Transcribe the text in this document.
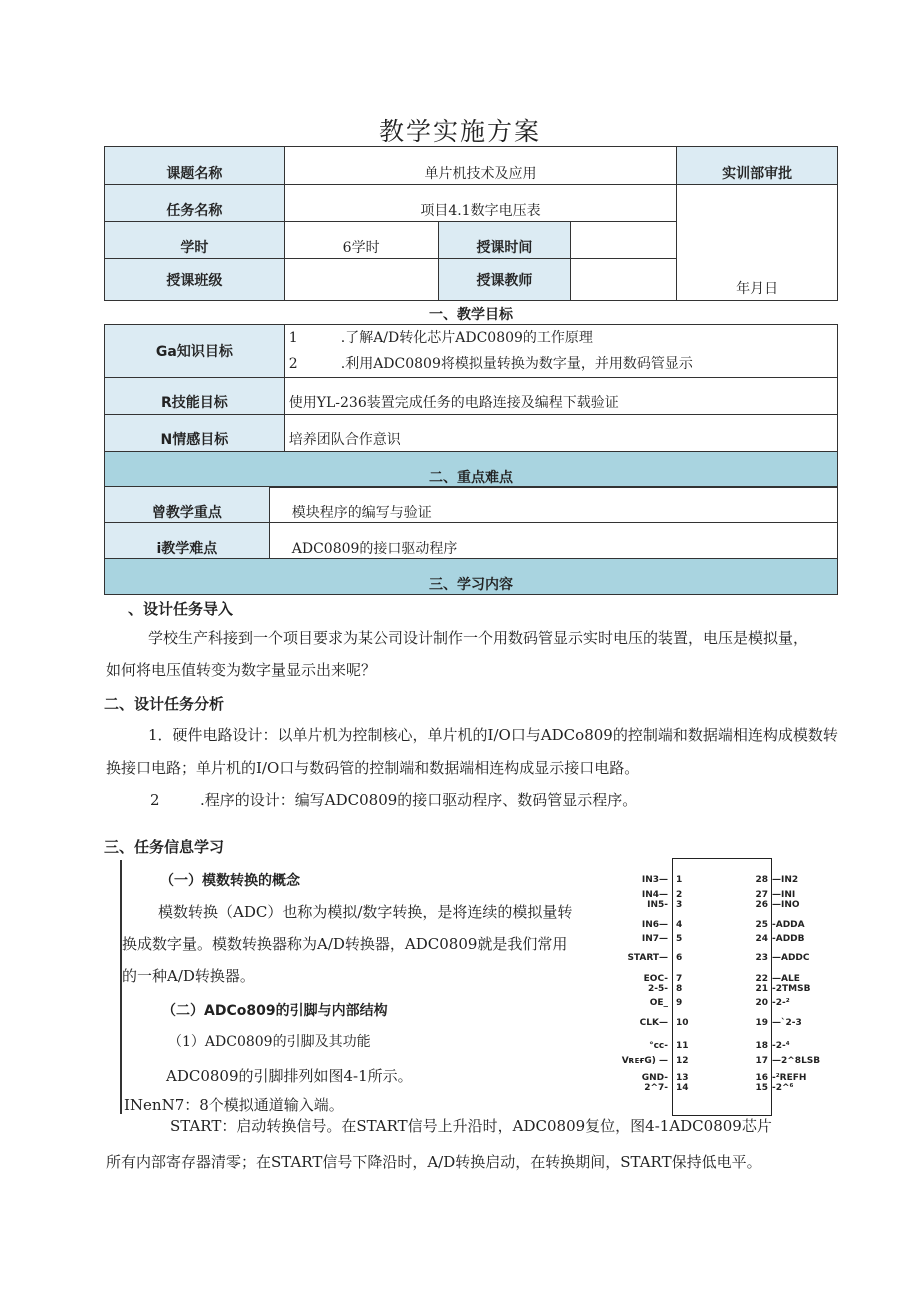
教学实施方案
课题名称	单片机技术及应用			实训部审批
任务名称	项目4.1数字电压表			年月日
学时	6学时	授课时间		
授课班级		授课教师		
一、教学目标
Ga知识目标	1 .了解A/D转化芯片ADC0809的工作原理
2 .利用ADC0809将模拟量转换为数字量，并用数码管显示

R技能目标	使用YL-236装置完成任务的电路连接及编程下载验证
N情感目标	培养团队合作意识
二、重点难点	
曾教学重点	模块程序的编写与验证
i教学难点	ADC0809的接口驱动程序
三、学习内容	
、设计任务导入
学校生产科接到一个项目要求为某公司设计制作一个用数码管显示实时电压的装置，电压是模拟量，
如何将电压值转变为数字量显示出来呢？
二、设计任务分析
1．硬件电路设计：以单片机为控制核心，单片机的I/O口与ADCo809的控制端和数据端相连构成模数转
换接口电路；单片机的I/O口与数码管的控制端和数据端相连构成显示接口电路。
2	.程序的设计：编写ADC0809的接口驱动程序、数码管显示程序。
三、任务信息学习
（一）模数转换的概念
模数转换（ADC）也称为模拟/数字转换，是将连续的模拟量转
换成数字量。模数转换器称为A/D转换器，ADC0809就是我们常用
的一种A/D转换器。
（二）ADCo809的引脚与内部结构
（1）ADC0809的引脚及其功能
ADC0809的引脚排列如图4-1所示。
INenN7：8个模拟通道输入端。
START：启动转换信号。在START信号上升沿时，ADC0809复位，图4-1ADC0809芯片
所有内部寄存器清零；在START信号下降沿时，A/D转换启动，在转换期间，START保持低电平。
IN3— 1
IN4— 2
IN5- 3
IN6— 4
IN7— 5
START— 6
EOC- 7
2-5- 8
OE_ 9
CLK— 10
°cc- 11
VʀᴇғG) — 12
GND- 13
2^7- 14
28 —IN2
27 —INI
26 —INO
25 -ADDA
24 -ADDB
23 —ADDC
22 —ALE
21 -2TMSB
20 -2-²
19 —`2-3
18 -2-⁴
17 —2^8LSB
16 -²REFH
15 -2^⁶
